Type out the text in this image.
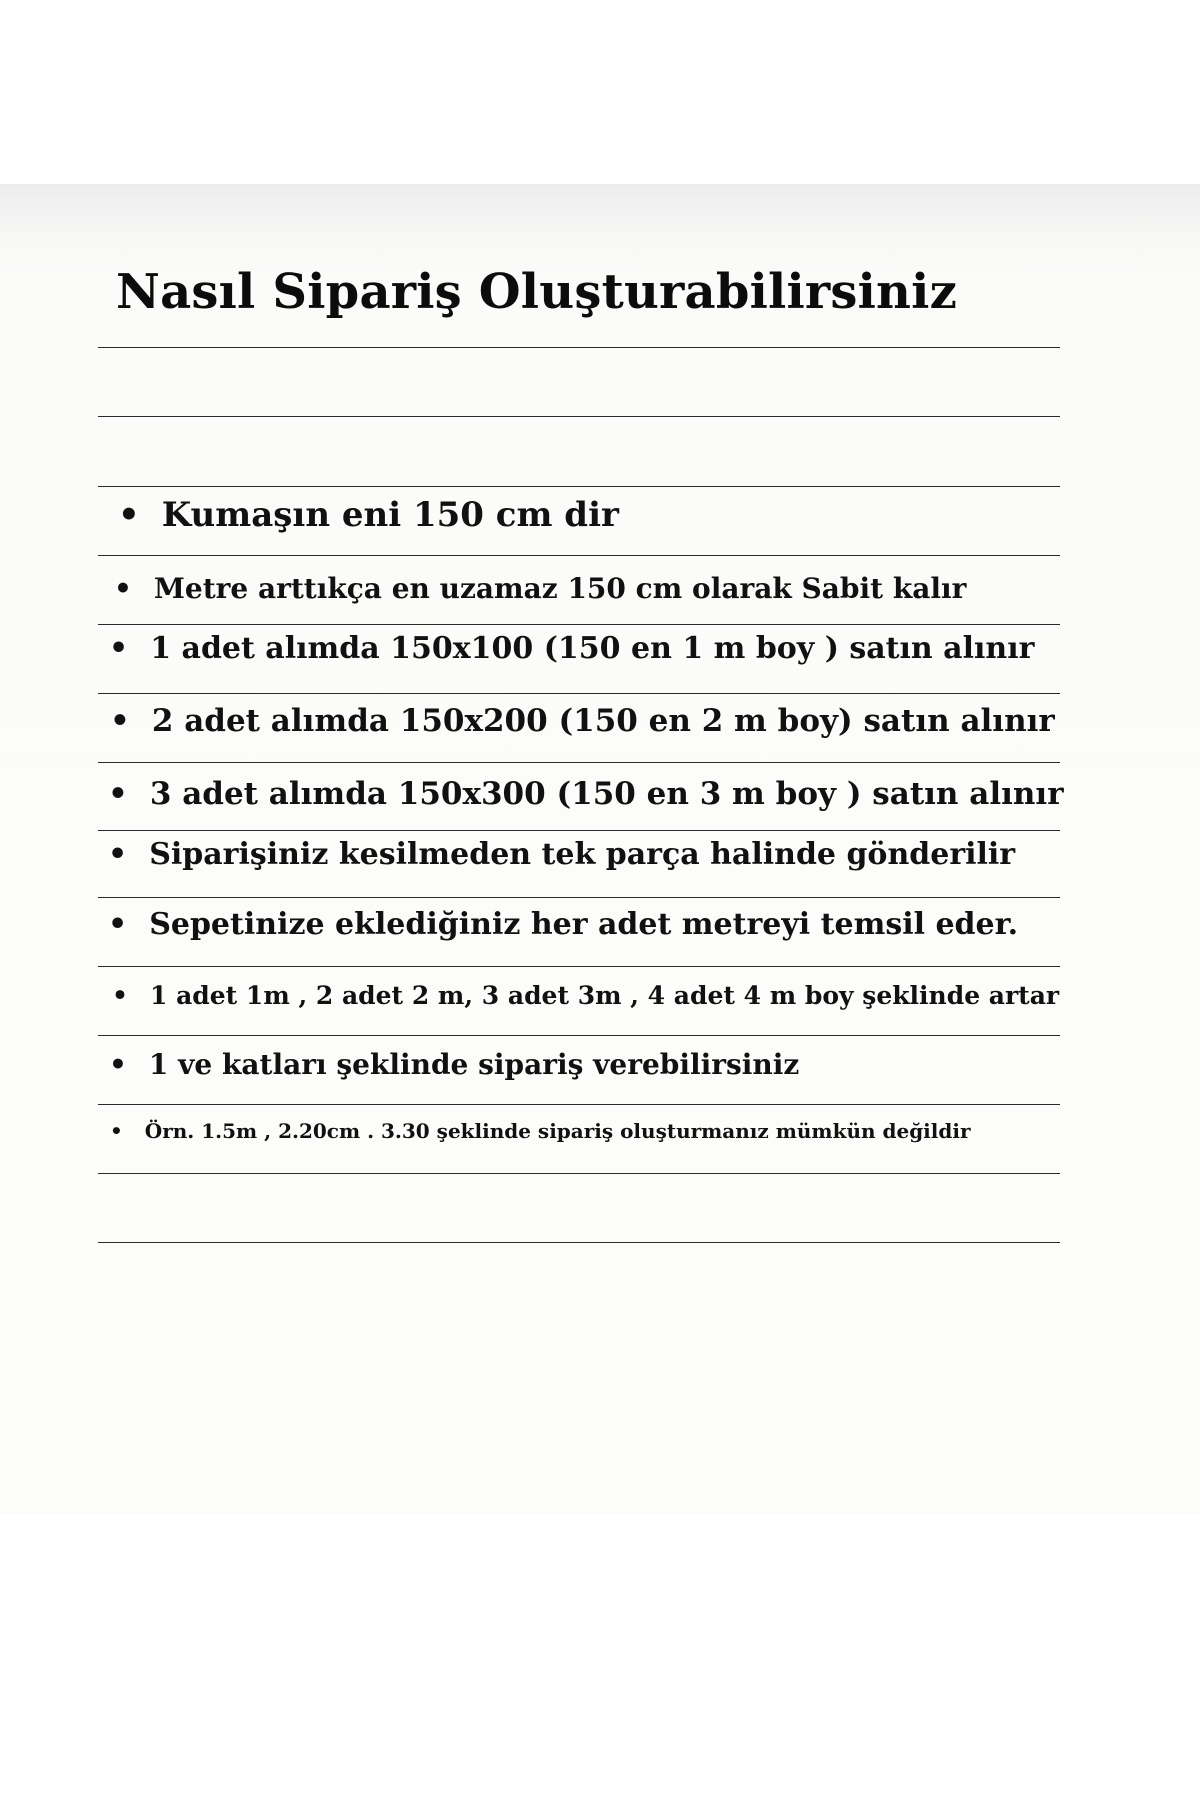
Nasıl Sipariş Oluşturabilirsiniz
• Kumaşın eni 150 cm dir
• Metre arttıkça en uzamaz 150 cm olarak Sabit kalır
• 1 adet alımda 150x100 (150 en 1 m boy ) satın alınır
• 2 adet alımda 150x200 (150 en 2 m boy) satın alınır
• 3 adet alımda 150x300 (150 en 3 m boy ) satın alınır
• Siparişiniz kesilmeden tek parça halinde gönderilir
• Sepetinize eklediğiniz her adet metreyi temsil eder.
• 1 adet 1m , 2 adet 2 m, 3 adet 3m , 4 adet 4 m boy şeklinde artar
• 1 ve katları şeklinde sipariş verebilirsiniz
• Örn. 1.5m , 2.20cm . 3.30 şeklinde sipariş oluşturmanız mümkün değildir
